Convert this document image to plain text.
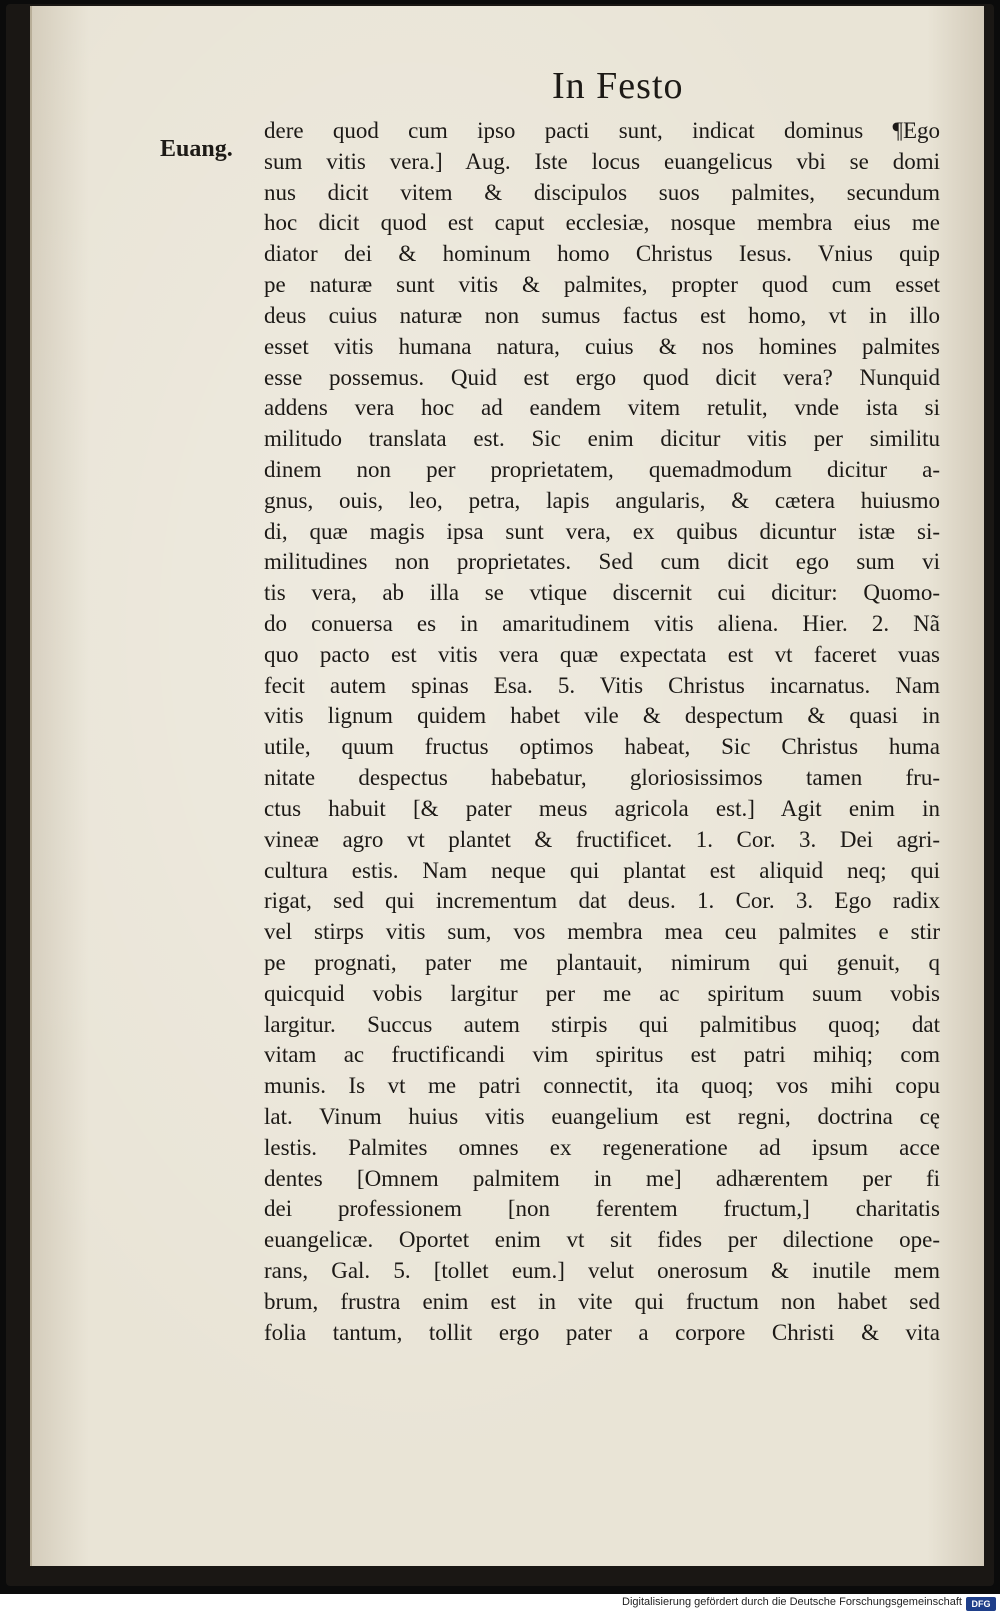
In Festo
Euang.
dere quod cum ipso pacti sunt, indicat dominus ¶Ego
sum vitis vera.] Aug. Iste locus euangelicus vbi se domi
nus dicit vitem & discipulos suos palmites, secundum
hoc dicit quod est caput ecclesiæ, nosque membra eius me
diator dei & hominum homo Christus Iesus. Vnius quip
pe naturæ sunt vitis & palmites, propter quod cum esset
deus cuius naturæ non sumus factus est homo, vt in illo
esset vitis humana natura, cuius & nos homines palmites
esse possemus. Quid est ergo quod dicit vera? Nunquid
addens vera hoc ad eandem vitem retulit, vnde ista si
militudo translata est. Sic enim dicitur vitis per similitu
dinem non per proprietatem, quemadmodum dicitur a-
gnus, ouis, leo, petra, lapis angularis, & cætera huiusmo
di, quæ magis ipsa sunt vera, ex quibus dicuntur istæ si-
militudines non proprietates. Sed cum dicit ego sum vi
tis vera, ab illa se vtique discernit cui dicitur: Quomo-
do conuersa es in amaritudinem vitis aliena. Hier. 2. Nã
quo pacto est vitis vera quæ expectata est vt faceret vuas
fecit autem spinas Esa. 5. Vitis Christus incarnatus. Nam
vitis lignum quidem habet vile & despectum & quasi in
utile, quum fructus optimos habeat, Sic Christus huma
nitate despectus habebatur, gloriosissimos tamen fru-
ctus habuit [& pater meus agricola est.] Agit enim in
vineæ agro vt plantet & fructificet. 1. Cor. 3. Dei agri-
cultura estis. Nam neque qui plantat est aliquid neq; qui
rigat, sed qui incrementum dat deus. 1. Cor. 3. Ego radix
vel stirps vitis sum, vos membra mea ceu palmites e stir
pe prognati, pater me plantauit, nimirum qui genuit, q
quicquid vobis largitur per me ac spiritum suum vobis
largitur. Succus autem stirpis qui palmitibus quoq; dat
vitam ac fructificandi vim spiritus est patri mihiq; com
munis. Is vt me patri connectit, ita quoq; vos mihi copu
lat. Vinum huius vitis euangelium est regni, doctrina cę
lestis. Palmites omnes ex regeneratione ad ipsum acce
dentes [Omnem palmitem in me] adhærentem per fi
dei professionem [non ferentem fructum,] charitatis
euangelicæ. Oportet enim vt sit fides per dilectione ope-
rans, Gal. 5. [tollet eum.] velut onerosum & inutile mem
brum, frustra enim est in vite qui fructum non habet sed
folia tantum, tollit ergo pater a corpore Christi & vita
Digitalisierung gefördert durch die Deutsche Forschungsgemeinschaft	DFG
